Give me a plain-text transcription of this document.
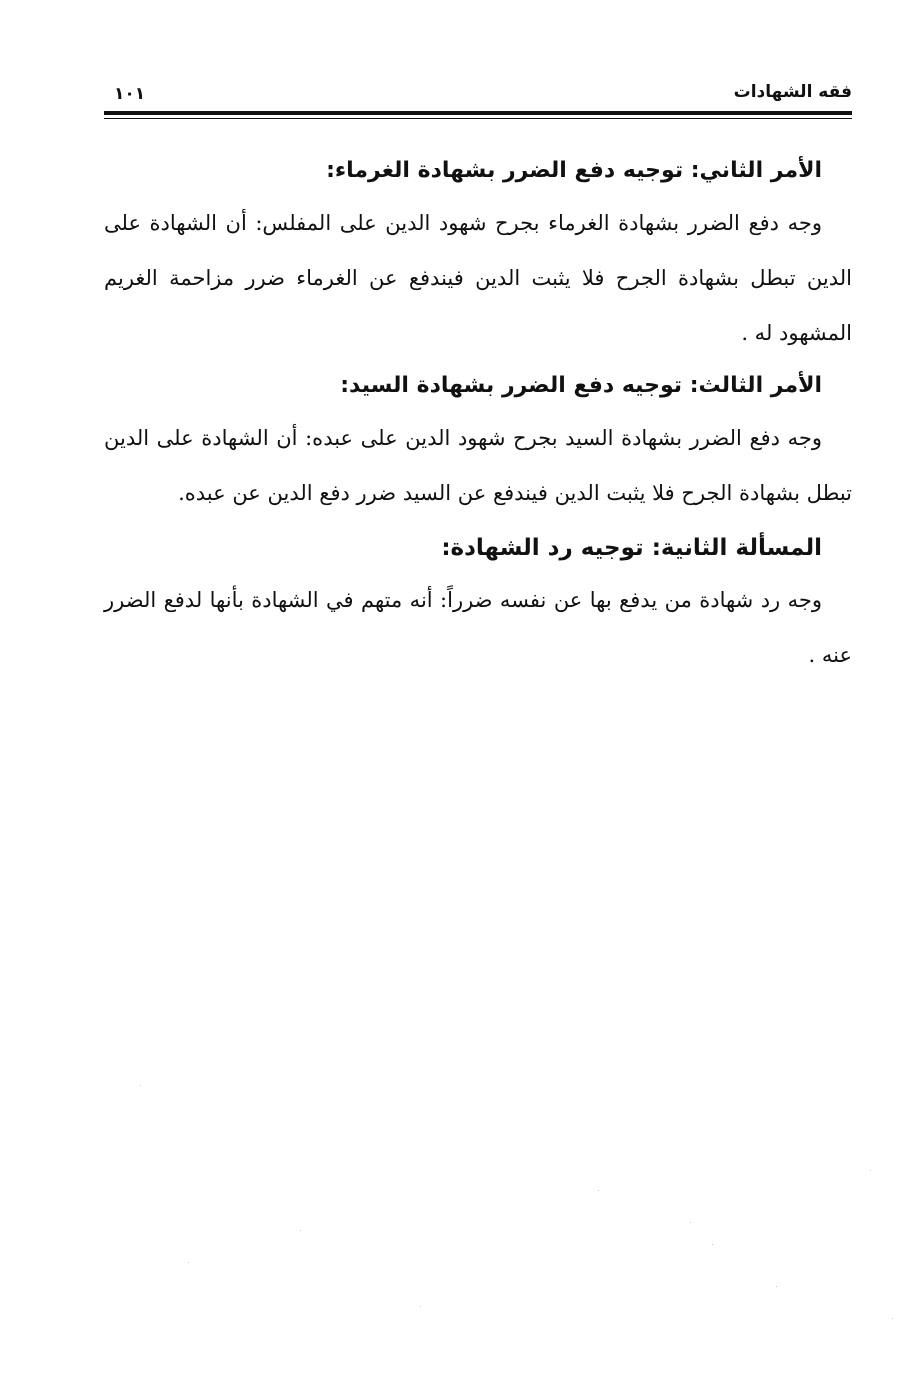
فقه الشهادات
١٠١
الأمر الثاني: توجيه دفع الضرر بشهادة الغرماء:

وجه دفع الضرر بشهادة الغرماء بجرح شهود الدين على المفلس: أن الشهادة على الدين تبطل بشهادة الجرح فلا يثبت الدين فيندفع عن الغرماء ضرر مزاحمة الغريم المشهود له .

الأمر الثالث: توجيه دفع الضرر بشهادة السيد:

وجه دفع الضرر بشهادة السيد بجرح شهود الدين على عبده: أن الشهادة على الدين تبطل بشهادة الجرح فلا يثبت الدين فيندفع عن السيد ضرر دفع الدين عن عبده.

المسألة الثانية: توجيه رد الشهادة:

وجه رد شهادة من يدفع بها عن نفسه ضرراً: أنه متهم في الشهادة بأنها لدفع الضرر عنه .
